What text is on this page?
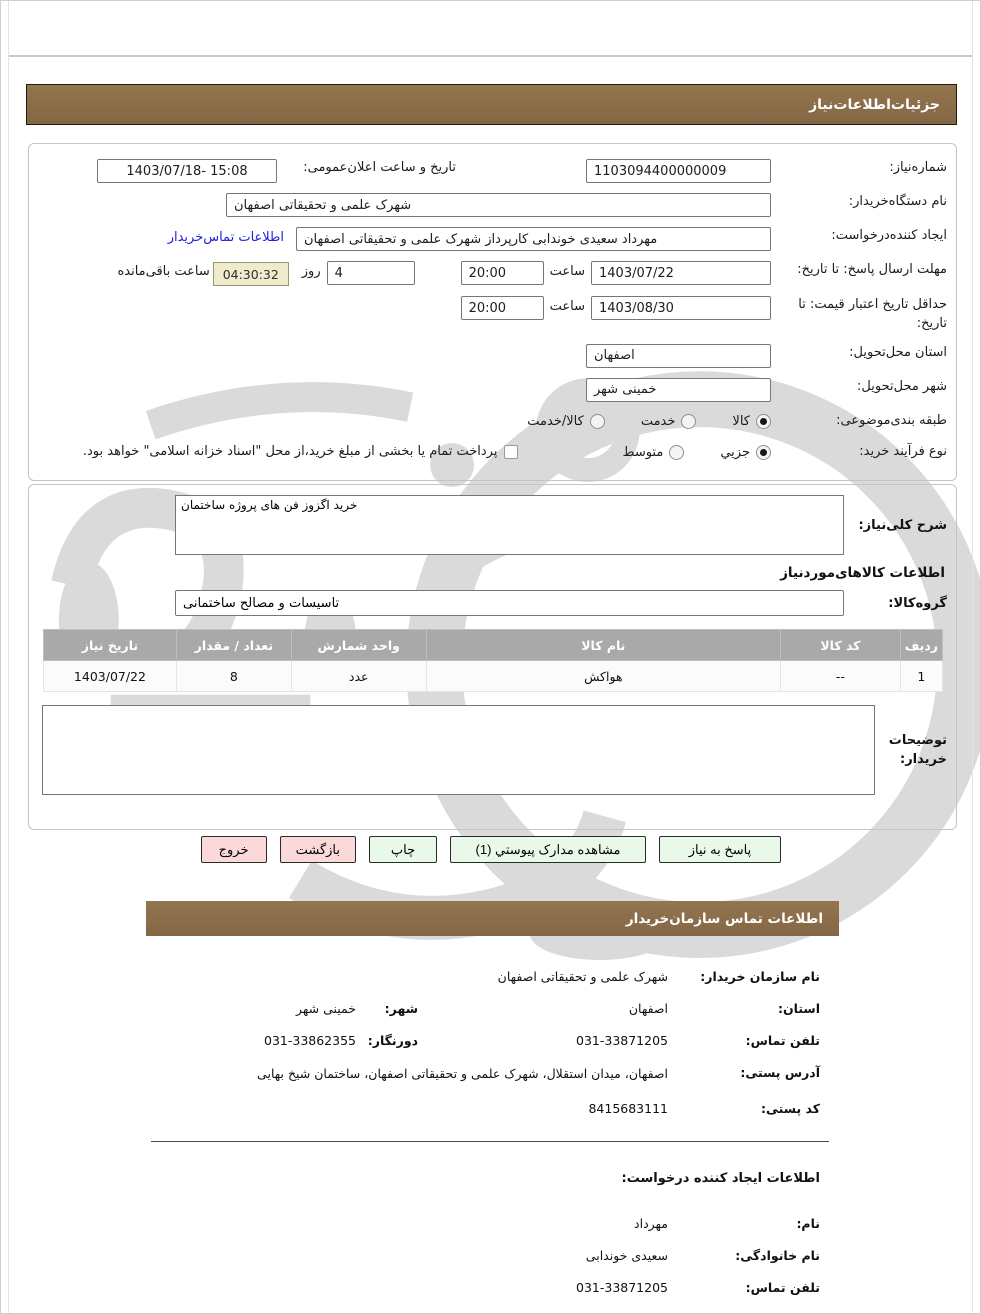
جزئیات‌اطلاعات‌نیاز
شماره‌نیاز:
1103094400000009
تاریخ و ساعت اعلان‌عمومی:
1403/07/18- 15:08
نام دستگاه‌خریدار:
شهرک علمی و تحقیقاتی اصفهان
ایجاد کننده‌درخواست:
مهرداد سعیدی خوندابی کارپرداز شهرک علمی و تحقیقاتی اصفهان
اطلاعات تماس‌خریدار
مهلت ارسال پاسخ: تا تاریخ:
1403/07/22
ساعت
20:00
4
روز
04:30:32
ساعت باقی‌مانده
حداقل تاریخ اعتبار قیمت: تا تاریخ:
1403/08/30
ساعت
20:00
استان محل‌تحویل:
اصفهان
شهر محل‌تحویل:
خمینی شهر
طبقه بندی‌موضوعی:
کالا
خدمت
کالا/خدمت
نوع فرآیند خرید:
جزیي
متوسط
پرداخت تمام یا بخشی از مبلغ خرید،از محل "اسناد خزانه اسلامی" خواهد بود.
شرح کلی‌نیاز:
خرید اگزوز فن های پروژه ساختمان
اطلاعات کالاهای‌موردنیاز
گروه‌کالا:
تاسیسات و مصالح ساختمانی
ردیف	کد کالا	نام کالا	واحد شمارش	تعداد / مقدار	تاریخ نیاز
1	--	هواکش	عدد	8	1403/07/22
توضیحات خریدار:
پاسخ به نیاز
مشاهده مدارک پیوستي (1)
چاپ
بازگشت
خروج
اطلاعات تماس سازمان‌خریدار
نام سازمان خریدار:
شهرک علمی و تحقیقاتی اصفهان
استان:
اصفهان
شهر:
خمینی شهر
تلفن تماس:
031-33871205
دورنگار:
031-33862355
آدرس پستی:
اصفهان، میدان استقلال، شهرک علمی و تحقیقاتی اصفهان، ساختمان شیخ بهایی
کد پستی:
8415683111
اطلاعات ایجاد کننده درخواست:
نام:
مهرداد
نام خانوادگی:
سعیدی خوندابی
تلفن تماس:
031-33871205
